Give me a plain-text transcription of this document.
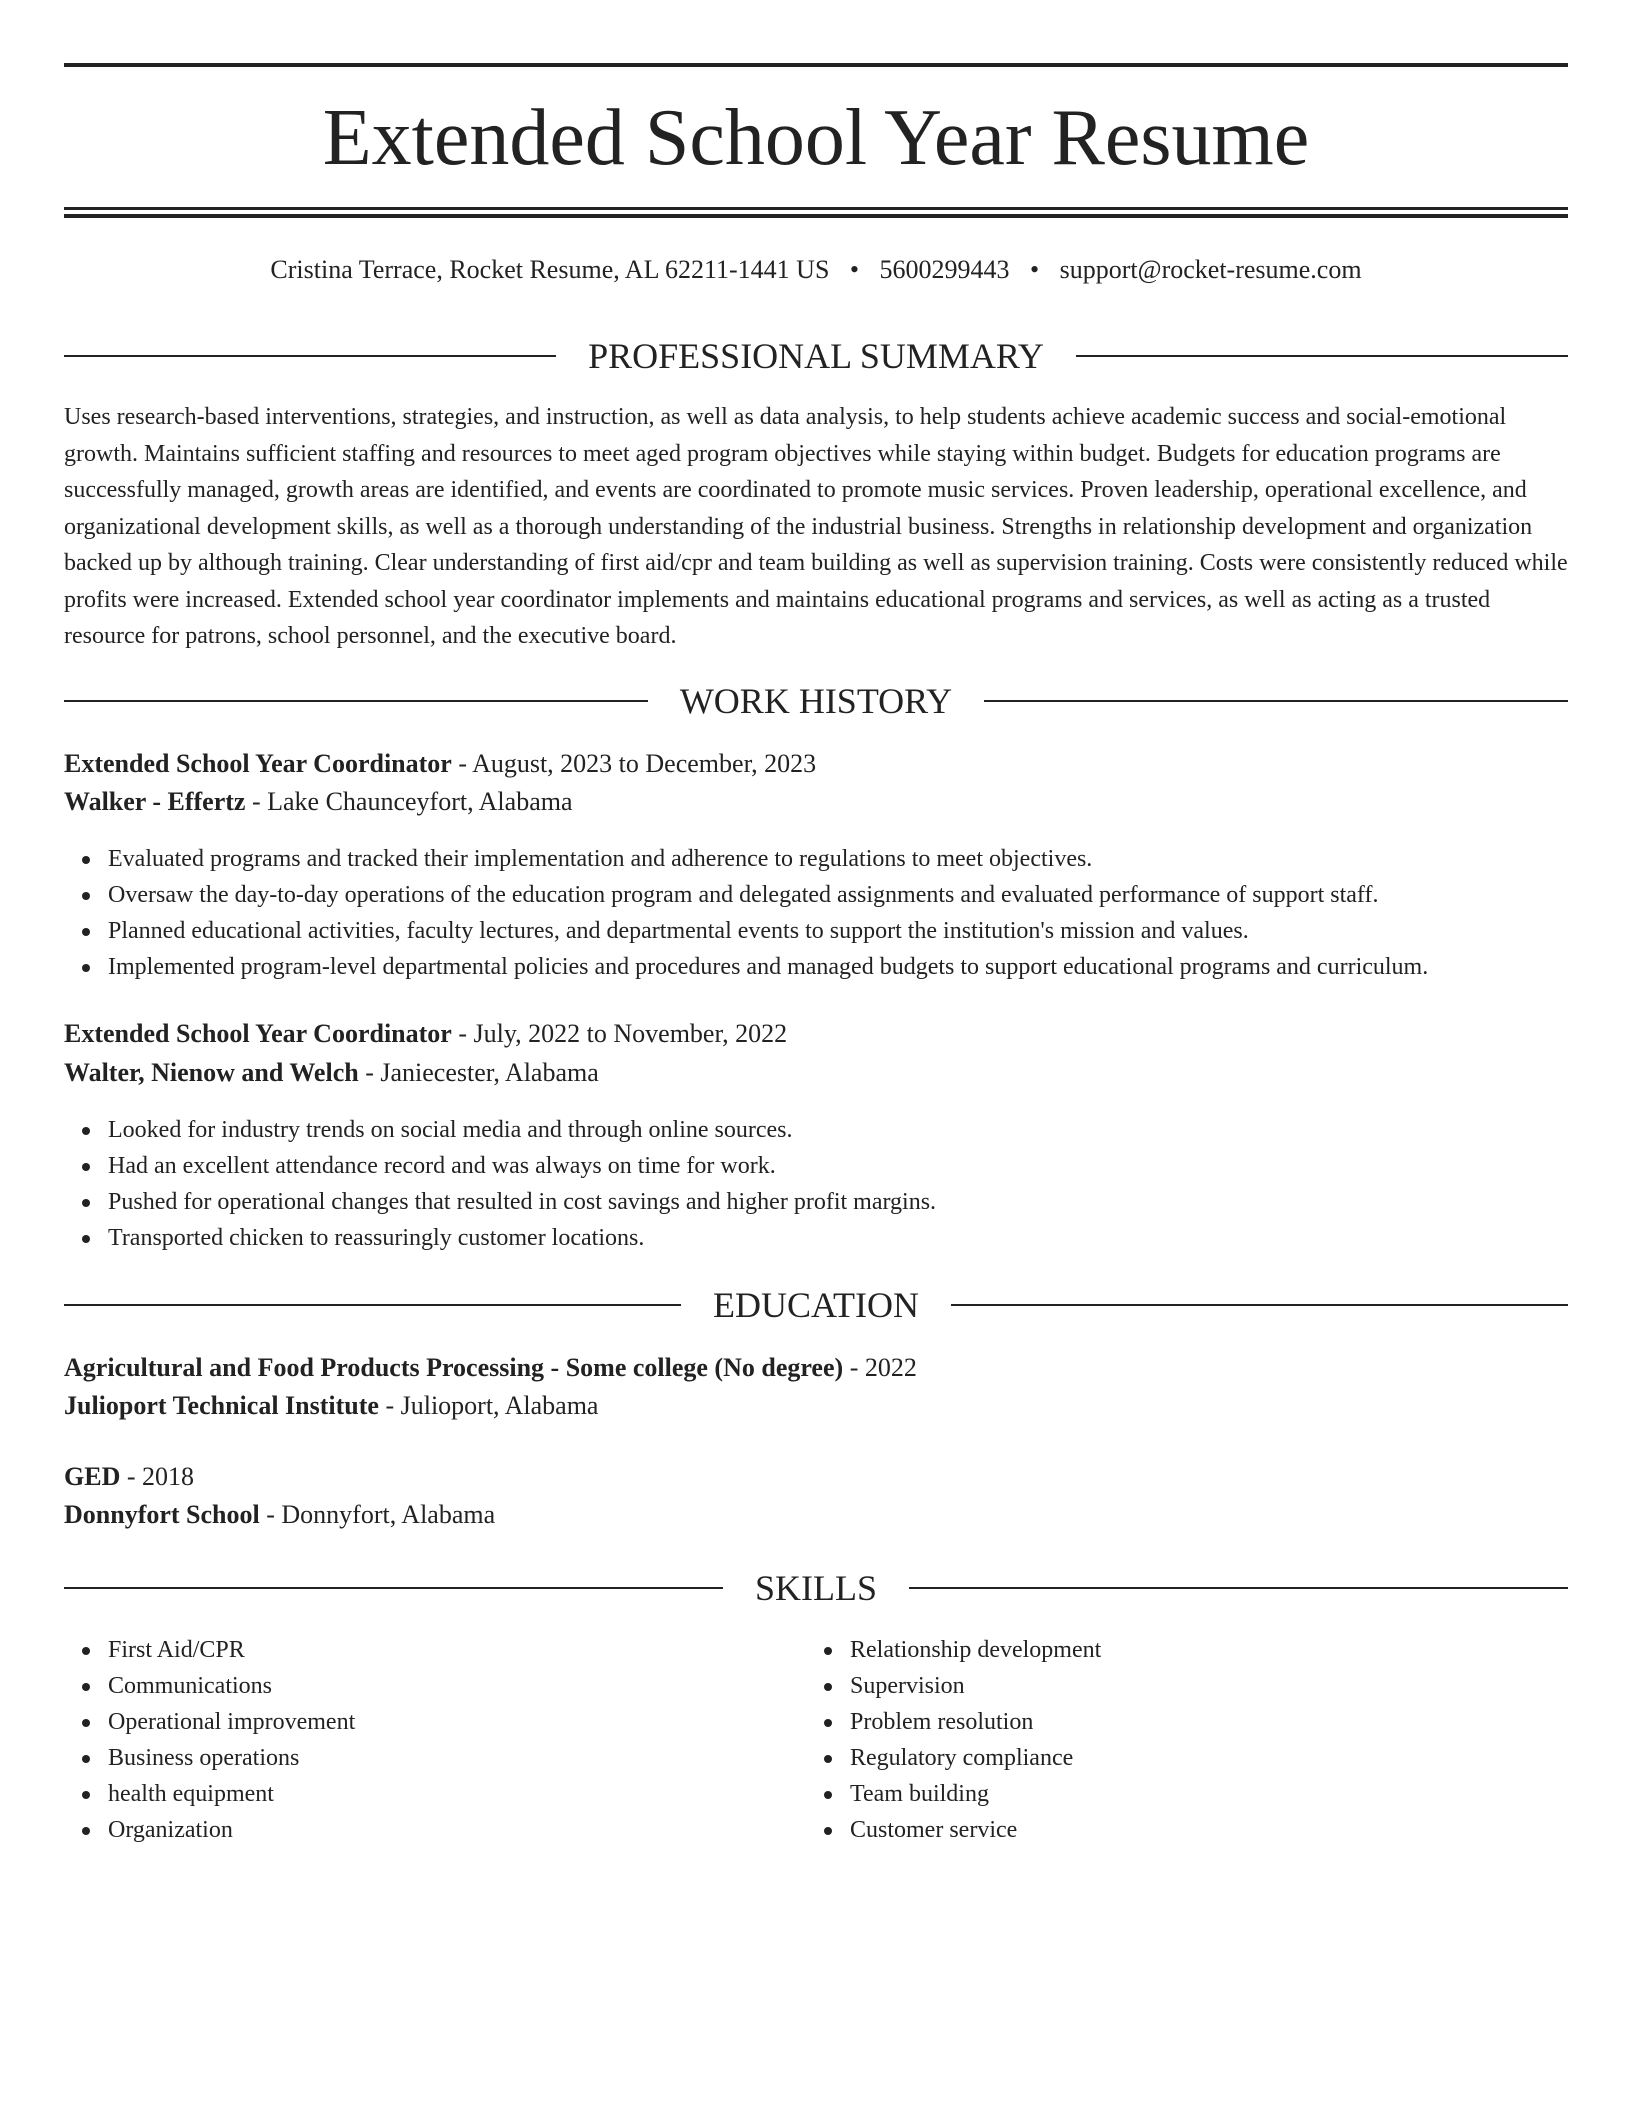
Extended School Year Resume
Cristina Terrace, Rocket Resume, AL 62211-1441 US • 5600299443 • support@rocket-resume.com
PROFESSIONAL SUMMARY

Uses research-based interventions, strategies, and instruction, as well as data analysis, to help students achieve academic success and social-emotional growth. Maintains sufficient staffing and resources to meet aged program objectives while staying within budget. Budgets for education programs are successfully managed, growth areas are identified, and events are coordinated to promote music services. Proven leadership, operational excellence, and organizational development skills, as well as a thorough understanding of the industrial business. Strengths in relationship development and organization backed up by although training. Clear understanding of first aid/cpr and team building as well as supervision training. Costs were consistently reduced while profits were increased. Extended school year coordinator implements and maintains educational programs and services, as well as acting as a trusted resource for patrons, school personnel, and the executive board.

WORK HISTORY
Extended School Year Coordinator - August, 2023 to December, 2023
Walker - Effertz - Lake Chaunceyfort, Alabama
Evaluated programs and tracked their implementation and adherence to regulations to meet objectives.
Oversaw the day-to-day operations of the education program and delegated assignments and evaluated performance of support staff.
Planned educational activities, faculty lectures, and departmental events to support the institution's mission and values.
Implemented program-level departmental policies and procedures and managed budgets to support educational programs and curriculum.
Extended School Year Coordinator - July, 2022 to November, 2022
Walter, Nienow and Welch - Janiecester, Alabama
Looked for industry trends on social media and through online sources.
Had an excellent attendance record and was always on time for work.
Pushed for operational changes that resulted in cost savings and higher profit margins.
Transported chicken to reassuringly customer locations.
EDUCATION
Agricultural and Food Products Processing - Some college (No degree) - 2022
Julioport Technical Institute - Julioport, Alabama
GED - 2018
Donnyfort School - Donnyfort, Alabama
SKILLS
First Aid/CPR
Communications
Operational improvement
Business operations
health equipment
Organization
Relationship development
Supervision
Problem resolution
Regulatory compliance
Team building
Customer service
